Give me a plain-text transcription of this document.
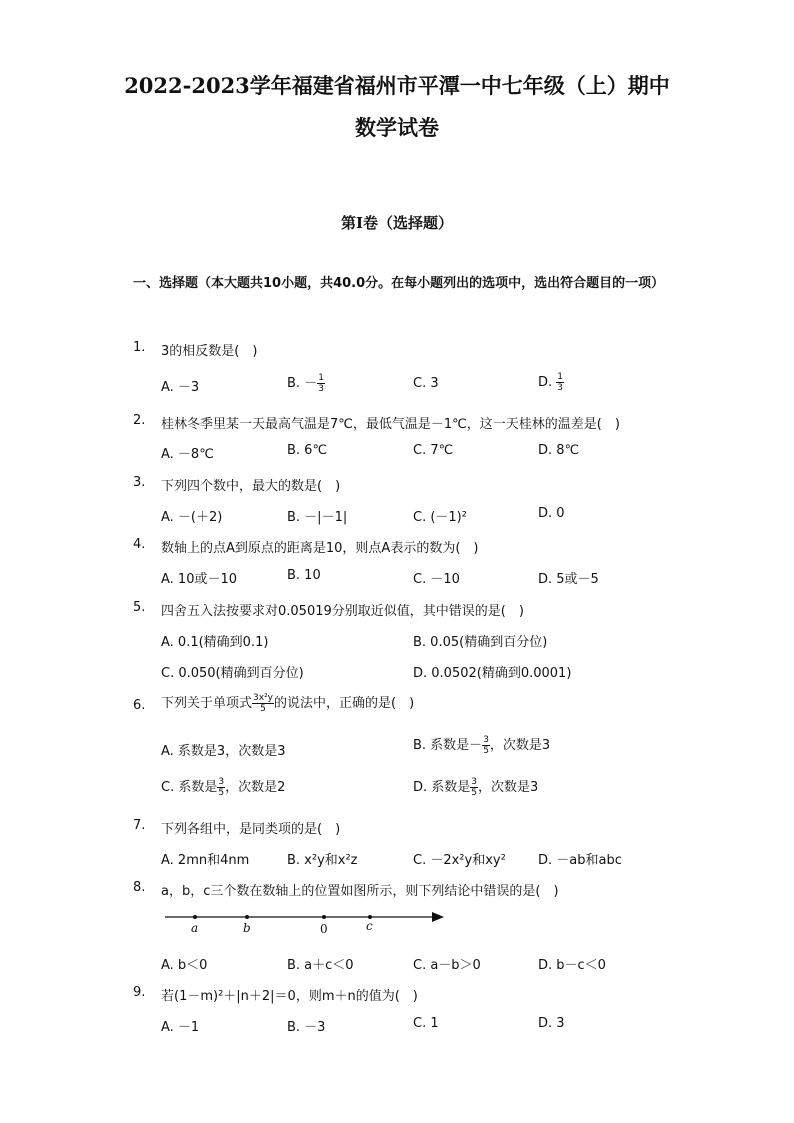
2022-2023学年福建省福州市平潭一中七年级（上）期中
数学试卷
第Ⅰ卷（选择题）
一、选择题（本大题共10小题，共40.0分。在每小题列出的选项中，选出符合题目的一项）
1. 3的相反数是(　)
A. －3	B. － $\frac{1}{3}$	C. 3	D. $\frac{1}{3}$
2. 桂林冬季里某一天最高气温是7℃，最低气温是－1℃，这一天桂林的温差是(　)
A. －8℃	B. 6℃	C. 7℃	D. 8℃
3. 下列四个数中，最大的数是(　)
A. －(＋2)	B. －|－1|	C. (－1)²	D. 0
4. 数轴上的点A到原点的距离是10，则点A表示的数为(　)
A. 10或－10	B. 10	C. －10	D. 5或－5
5. 四舍五入法按要求对0.05019分别取近似值，其中错误的是(　)
A. 0.1(精确到0.1)	B. 0.05(精确到百分位)
C. 0.050(精确到百分位)	D. 0.0502(精确到0.0001)
6. 下列关于单项式 $\frac{\text{3x²y}}{5}$ 的说法中，正确的是(　)
A. 系数是3，次数是3	B. 系数是－ $\frac{3}{5}$ ，次数是3
C. 系数是 $\frac{3}{5}$ ，次数是2	D. 系数是 $\frac{3}{5}$ ，次数是3
7. 下列各组中，是同类项的是(　)
A. 2mn和4nm	B. x²y和x²z	C. －2x²y和xy² D. －ab和abc
8. a，b，c三个数在数轴上的位置如图所示，则下列结论中错误的是(　)
a	b	0	c
A. b＜0	B. a＋c＜0	C. a－b＞0	D. b－c＜0
9. 若(1－m)²＋|n＋2|＝0，则m＋n的值为(　)
A. －1	B. －3	C. 1	D. 3
